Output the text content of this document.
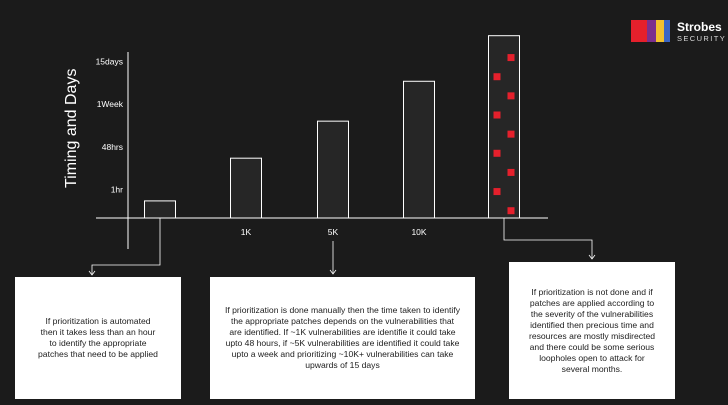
Strobes
SECURITY
Timing and Days
1hr
48hrs
1Week
15days
1K	5K	10K
If prioritization is automated then it takes less than an hour to identify the appropriate patches that need to be applied
If prioritization is done manually then the time taken to identify the appropriate patches depends on the vulnerabilities that are identified. If ~1K vulnerabilities are identifie it could take upto 48 hours, if ~5K vulnerabilities are identified it could take upto a week and prioritizing ~10K+ vulnerabilities can take upwards of 15 days
If prioritization is not done and if patches are applied according to the severity of the vulnerabilities identified then precious time and resources are mostly misdirected and there could be some serious loopholes open to attack for several months.
